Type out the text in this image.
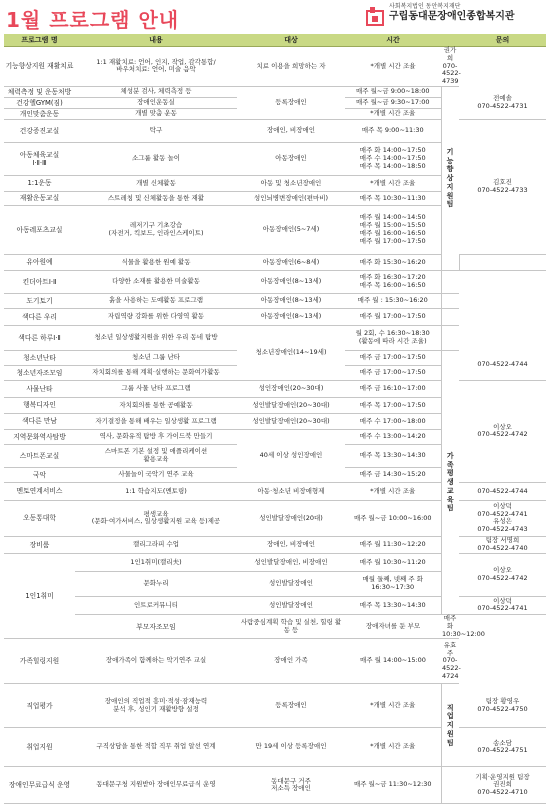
1월 프로그램 안내
사회복지법인 동안복지재단
구립동대문장애인종합복지관
프로그램 명	내용	대상	시간		문의	
기능향상지원 재활치료	1:1 재활치료: 언어, 인지, 작업, 감각통합/
바우처치료: 언어, 미술 음악	치료 이용을 희망하는 자	*개별 시간 조율	권가희
070-4522-4739		
체력측정 및 운동처방	체성분 검사, 체력측정 등	등록장애인	매주 월~금 9:00~18:00	기능향상지원팀	전예솔
070-4522-4731	
건강헬GYM(짐)	장애인운동실		매주 월~금 9:30~17:00			
개인맞춤운동	개별 맞춤 운동		*개별 시간 조율			
건강증진교실	탁구	장애인, 비장애인	매주 목 9:00~11:30		김호진
070-4522-4733	
아동체육교실
Ⅰ·Ⅱ·Ⅲ	소그룹 활동 놀이	아동장애인	매주 화 14:00~17:50
매주 수 14:00~17:50
매주 목 14:00~18:50			
1:1운동	개별 신체활동	아동 및 청소년장애인	*개별 시간 조율			
재활운동교실	스트레칭 및 신체활동을 통한 재활	성인뇌병변장애인(편마비)	매주 목 10:30~11:30			
아동레포츠교실	레저기구 기초강습
(자전거, 킥보드, 인라인스케이트)	아동장애인(5~7세)	매주 월 14:00~14:50
매주 월 15:00~15:50
매주 월 16:00~16:50
매주 월 17:00~17:50			
유아원예	식물을 활용한 원예 활동	아동장애인(6~8세)	매주 화 15:30~16:20	

킨더아트Ⅰ·Ⅱ	다양한 소재를 활용한 미술활동	아동장애인(8~13세)	매주 화 16:30~17:20
매주 목 16:00~16:50			

도기토기	흙을 사용하는 도예활동 프로그램	아동장애인(8~13세)	매주 월 : 15:30~16:20			

색다른 우리	자립역량 강화를 위한 다영역 활동	아동장애인(8~13세)	매주 월 17:00~17:50			

색다른 하루Ⅰ·Ⅱ	청소년 일상생활지원을 위한 우리 동네 탐방	청소년장애인(14~19세)	월 2회, 수 16:30~18:30
(활동에 따라 시간 조율)			

청소년난타	청소년 그룹 난타		매주 금 17:00~17:50	가족평생교육팀	070-4522-4744	
청소년자조모임	자치회의를 통해 계획·실행하는 문화여가활동		매주 금 17:00~17:50			
사물난타	그룹 사물 난타 프로그램	성인장애인(20~30대)	매주 금 16:10~17:00		이상오
070-4522-4742	
행복디자인	자치회의를 통한 공예활동	성인발달장애인(20~30대)	매주 목 17:00~17:50			
색다른 만남	자기결정을 통해 배우는 일상생활 프로그램	성인발달장애인(20~30대)	매주 수 17:00~18:00			
지역문화역사탐방	역사, 문화유적 탐방 후 가이드북 만들기	40세 이상 성인장애인	매주 수 13:00~14:20			
스마트폰교실	스마트폰 기본 설정 및 애플리케이션
활용교육		매주 목 13:30~14:30			
국악	사물놀이 국악기 연주 교육		매주 금 14:30~15:20			
멘토연계서비스	1:1 학습지도(멘토링)	아동·청소년 비장애형제	*개별 시간 조율		070-4522-4744	
오동통대학	평생교육
(문화·여가서비스, 일상생활지원 교육 등)제공	성인발달장애인(20대)	매주 월~금 10:00~16:00		이상덕
070-4522-4741
유성은
070-4522-4743	
장비룸	캘리그라피 수업	장애인, 비장애인	매주 월 11:30~12:20		팀장 서명희
070-4522-4740	
1인1취미	1인1취미(캘리夫)	성인발달장애인, 비장애인	매주 월 10:30~11:20		이상오
070-4522-4742	
	문화누리	성인발달장애인	매월 둘째, 넷째 주 화
16:30~17:30			
	인트로커뮤니티	성인발달장애인	매주 목 13:30~14:30		이상덕
070-4522-4741	
	부모자조모임	사람중심계획 학습 및 실천, 힐링 활동 등	장애자녀를 둔 부모	매주 화 10:30~12:00		
가족힐링지원	장애가족이 함께하는 악기연주 교실	장애인 가족	매주 월 14:00~15:00	유효주
070-4522-4724		
직업평가	장애인의 직업적 흥미·적성·잠재능력
분석 후, 성인기 재활방향 설정	등록장애인	*개별 시간 조율	직업지원팀	팀장 황영우
070-4522-4750	
취업지원	구직상담을 통한 적합 직무 취업 알선 연계	만 19세 이상 등록장애인	*개별 시간 조율		송소담
070-4522-4751	
장애인무료급식 운영	동대문구청 지원받아 장애인무료급식 운영	동대문구 거주
저소득 장애인	매주 월~금 11:30~12:30		기획·운영지원 팀장
권진희
070-4522-4710	
